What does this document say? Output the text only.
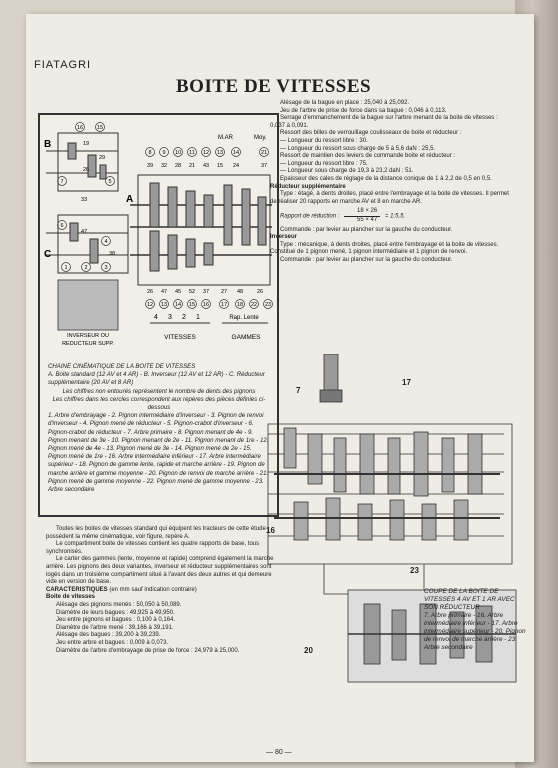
FIATAGRI
BOITE DE VITESSES
B
A
C
M.AR	Moy.
8 9 10 11 12 13 14	21
39 32 28 21 43 15 24	37
16	15
7	5
6
4
1	2	3
19
29
26
33
47
38
26 47 45 52 37 27 48	26
12 13 14 15 16 17 18 22 23
4 3 2 1	Rap. Lente
VITESSES	GAMMES
INVERSEUR OU
REDUCTEUR SUPP.
CHAINE CINÉMATIQUE DE LA BOITE DE VITESSES
A. Boite standard (12 AV et 4 AR) - B. Inverseur (12 AV et 12 AR) - C. Réducteur supplémentaire (20 AV et 8 AR)
Les chiffres non entourés représentent le nombre de dents des pignons
Les chiffres dans les cercles correspondent aux repères des pièces définies ci-dessous
1. Arbre d'embrayage - 2. Pignon intermédiaire d'inverseur - 3. Pignon de renvoi d'inverseur - 4. Pignon mené de réducteur - 5. Pignon-crabot d'inverseur - 6. Pignon-crabot de réducteur - 7. Arbre primaire - 8. Pignon menant de 4e - 9. Pignon menant de 3e - 10. Pignon menant de 2e - 11. Pignon menant de 1re - 12. Pignon mené de 4e - 13. Pignon mené de 3e - 14. Pignon mené de 2e - 15. Pignon mené de 1re - 16. Arbre intermédiaire inférieur - 17. Arbre intermédiaire supérieur - 18. Pignon de gamme lente, rapide et marche arrière - 19. Pignon de marche arrière et gamme moyenne - 20. Pignon de renvoi de marche arrière - 21. Pignon mené de gamme moyenne - 22. Pignon mené de gamme moyenne - 23. Arbre secondaire

Toutes les boites de vitesses standard qui équipent les tracteurs de cette étude possèdent la même cinématique, voir figure, repère A.

Le compartiment boite de vitesses contient les quatre rapports de base, tous synchronisés.

Le carter des gammes (lente, moyenne et rapide) comprend également la marche arrière. Les pignons des deux variantes, inverseur et réducteur supplémentaires sont logés dans un troisième compartiment situé à l'avant des deux autres et qui demeure vide en version de base.

CARACTERISTIQUES (en mm sauf indication contraire)

Boite de vitesses

Alésage des pignons menés : 50,050 à 50,089.

Diamètre de leurs bagues : 49,925 à 49,950.

Jeu entre pignons et bagues : 0,100 à 0,164.

Diamètre de l'arbre mené : 39,166 à 39,191.

Alésage des bagues : 39,200 à 39,239.

Jeu entre arbre et bagues : 0,009 à 0,073.

Diamètre de l'arbre d'embrayage de prise de force : 24,979 à 25,000.

Alésage de la bague en place : 25,040 à 25,092.

Jeu de l'arbre de prise de force dans sa bague : 0,046 à 0,113.

Serrage d'emmanchement de la bague sur l'arbre menant de la boite de vitesses : 0,037 à 0,091.

Ressort des billes de verrouillage coulisseaux de boite et réducteur :

— Longueur du ressort libre : 30.

— Longueur du ressort sous charge de 5 à 5,6 daN : 25,5.

Ressort de maintien des leviers de commande boite et réducteur :

— Longueur du ressort libre : 75.

— Longueur sous charge de 19,3 à 23,2 daN : 51.

Epaisseur des cales de réglage de la distance conique de 1 à 2,2 de 0,5 en 0,5.

Réducteur supplémentaire

Type : étagé, à dents droites, placé entre l'embrayage et la boite de vitesses. Il permet de réaliser 20 rapports en marche AV et 8 en marche AR.

Rapport de réduction : $\frac{18 \times 26}{55 \times 47}$ = 1:5,5.

Commande : par levier au plancher sur la gauche du conducteur.

Inverseur

Type : mécanique, à dents droites, placé entre l'embrayage et la boite de vitesses. Constitué de 1 pignon mené, 1 pignon intermédiaire et 1 pignon de renvoi.

Commande : par levier au plancher sur la gauche du conducteur.

7
17
16
23
20
COUPE DE LA BOITE DE VITESSES 4 AV ET 1 AR AVEC SON RÉDUCTEUR
7. Arbre primaire - 16. Arbre intermédiaire inférieur - 17. Arbre intermédiaire supérieur - 20. Pignon de renvoi de marche arrière - 23. Arbre secondaire
— 80 —
